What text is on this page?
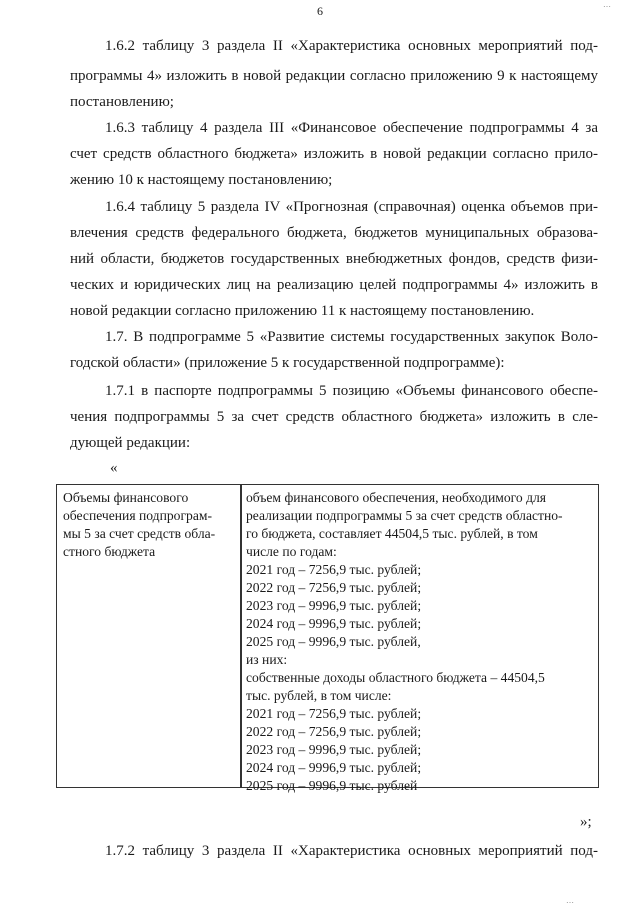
6	…
1.6.2 таблицу 3 раздела II «Характеристика основных мероприятий под-
программы 4» изложить в новой редакции согласно приложению 9 к настоящему
постановлению;
1.6.3 таблицу 4 раздела III «Финансовое обеспечение подпрограммы 4 за
счет средств областного бюджета» изложить в новой редакции согласно прило-
жению 10 к настоящему постановлению;
1.6.4 таблицу 5 раздела IV «Прогнозная (справочная) оценка объемов при-
влечения средств федерального бюджета, бюджетов муниципальных образова-
ний области, бюджетов государственных внебюджетных фондов, средств физи-
ческих и юридических лиц на реализацию целей подпрограммы 4» изложить в
новой редакции согласно приложению 11 к настоящему постановлению.
1.7. В подпрограмме 5 «Развитие системы государственных закупок Воло-
годской области» (приложение 5 к государственной подпрограмме):
1.7.1 в паспорте подпрограммы 5 позицию «Объемы финансового обеспе-
чения подпрограммы 5 за счет средств областного бюджета» изложить в сле-
дующей редакции:
«
Объемы финансового
обеспечения подпрограм-
мы 5 за счет средств обла-
стного бюджета
объем финансового обеспечения, необходимого для
реализации подпрограммы 5 за счет средств областно-
го бюджета, составляет 44504,5 тыс. рублей, в том
числе по годам:
2021 год – 7256,9 тыс. рублей;
2022 год – 7256,9 тыс. рублей;
2023 год – 9996,9 тыс. рублей;
2024 год – 9996,9 тыс. рублей;
2025 год – 9996,9 тыс. рублей,
из них:
собственные доходы областного бюджета – 44504,5
тыс. рублей, в том числе:
2021 год – 7256,9 тыс. рублей;
2022 год – 7256,9 тыс. рублей;
2023 год – 9996,9 тыс. рублей;
2024 год – 9996,9 тыс. рублей;
2025 год – 9996,9 тыс. рублей
»;
1.7.2 таблицу 3 раздела II «Характеристика основных мероприятий под-
…
